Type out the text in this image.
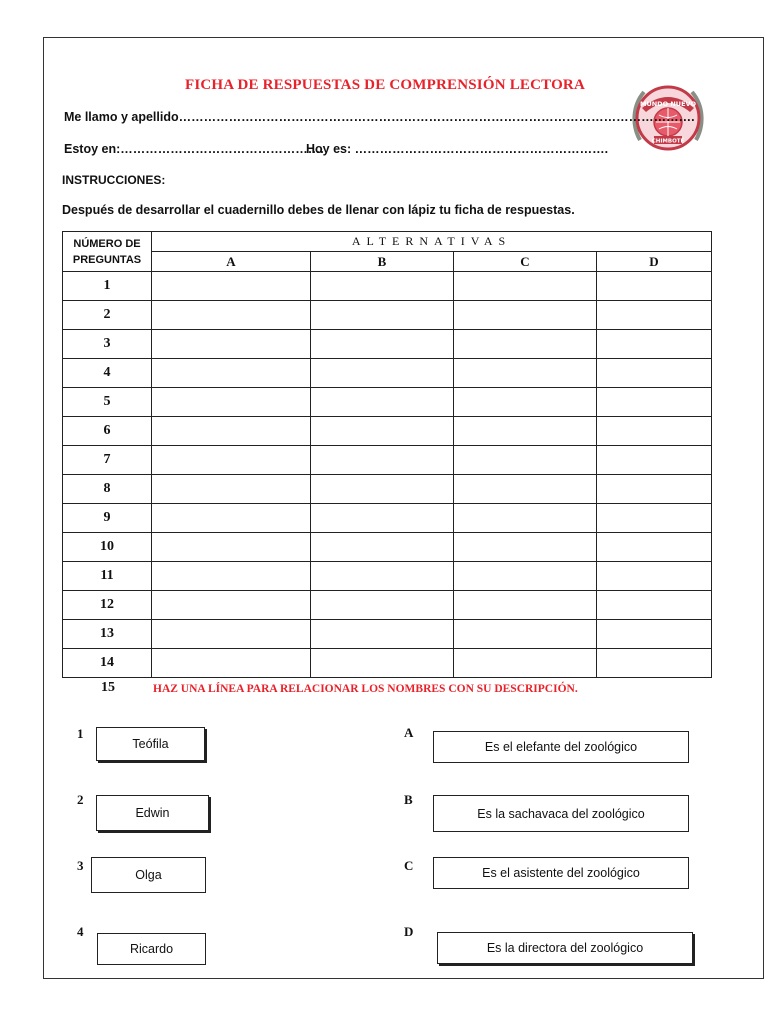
FICHA DE RESPUESTAS DE COMPRENSIÓN LECTORA
MUNDO NUEVO
CHIMBOTE
Me llamo y apellido…………………………………………………………………………………………………………….
Estoy en:………………………………………….
Hoy es: …………………………………………………….
INSTRUCCIONES:
Después de desarrollar el cuadernillo debes de llenar con lápiz tu ficha de respuestas.
NÚMERO DE
PREGUNTAS	ALTERNATIVAS			
	A	B	C	D
1				
2				
3				
4				
5				
6				
7				
8				
9				
10				
11				
12				
13				
14				
15	HAZ UNA LÍNEA PARA RELACIONAR LOS NOMBRES CON SU DESCRIPCIÓN.
1
Teófila
2
Edwin
3
Olga
4
Ricardo
A
Es el elefante del zoológico
B
Es la sachavaca del zoológico
C	Es el asistente del zoológico
D
Es la directora del zoológico
